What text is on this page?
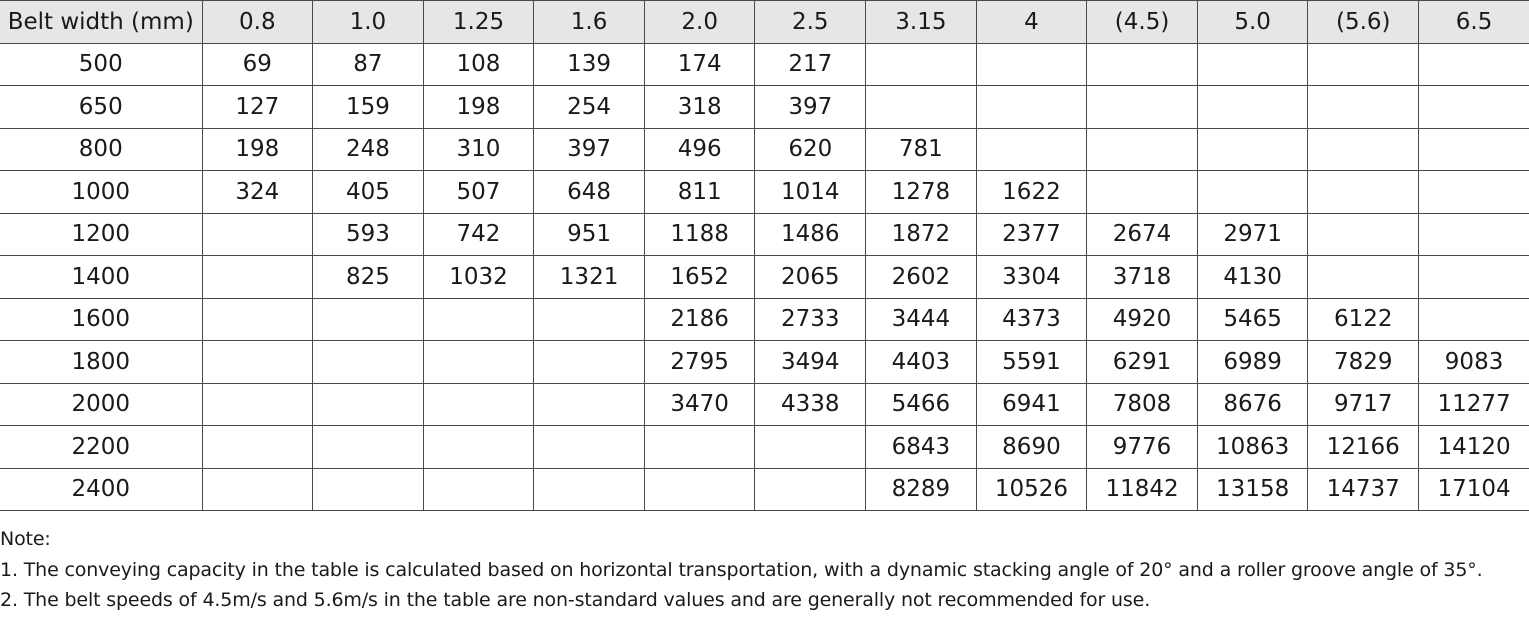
Belt width (mm)	0.8	1.0	1.25	1.6	2.0	2.5	3.15	4	(4.5)	5.0	(5.6)	6.5
500	69	87	108	139	174	217						
650	127	159	198	254	318	397						
800	198	248	310	397	496	620	781					
1000	324	405	507	648	811	1014	1278	1622				
1200		593	742	951	1188	1486	1872	2377	2674	2971		
1400		825	1032	1321	1652	2065	2602	3304	3718	4130		
1600					2186	2733	3444	4373	4920	5465	6122	
1800					2795	3494	4403	5591	6291	6989	7829	9083
2000					3470	4338	5466	6941	7808	8676	9717	11277
2200							6843	8690	9776	10863	12166	14120
2400							8289	10526	11842	13158	14737	17104
Note:
1. The conveying capacity in the table is calculated based on horizontal transportation, with a dynamic stacking angle of 20° and a roller groove angle of 35°.
2. The belt speeds of 4.5m/s and 5.6m/s in the table are non-standard values and are generally not recommended for use.
